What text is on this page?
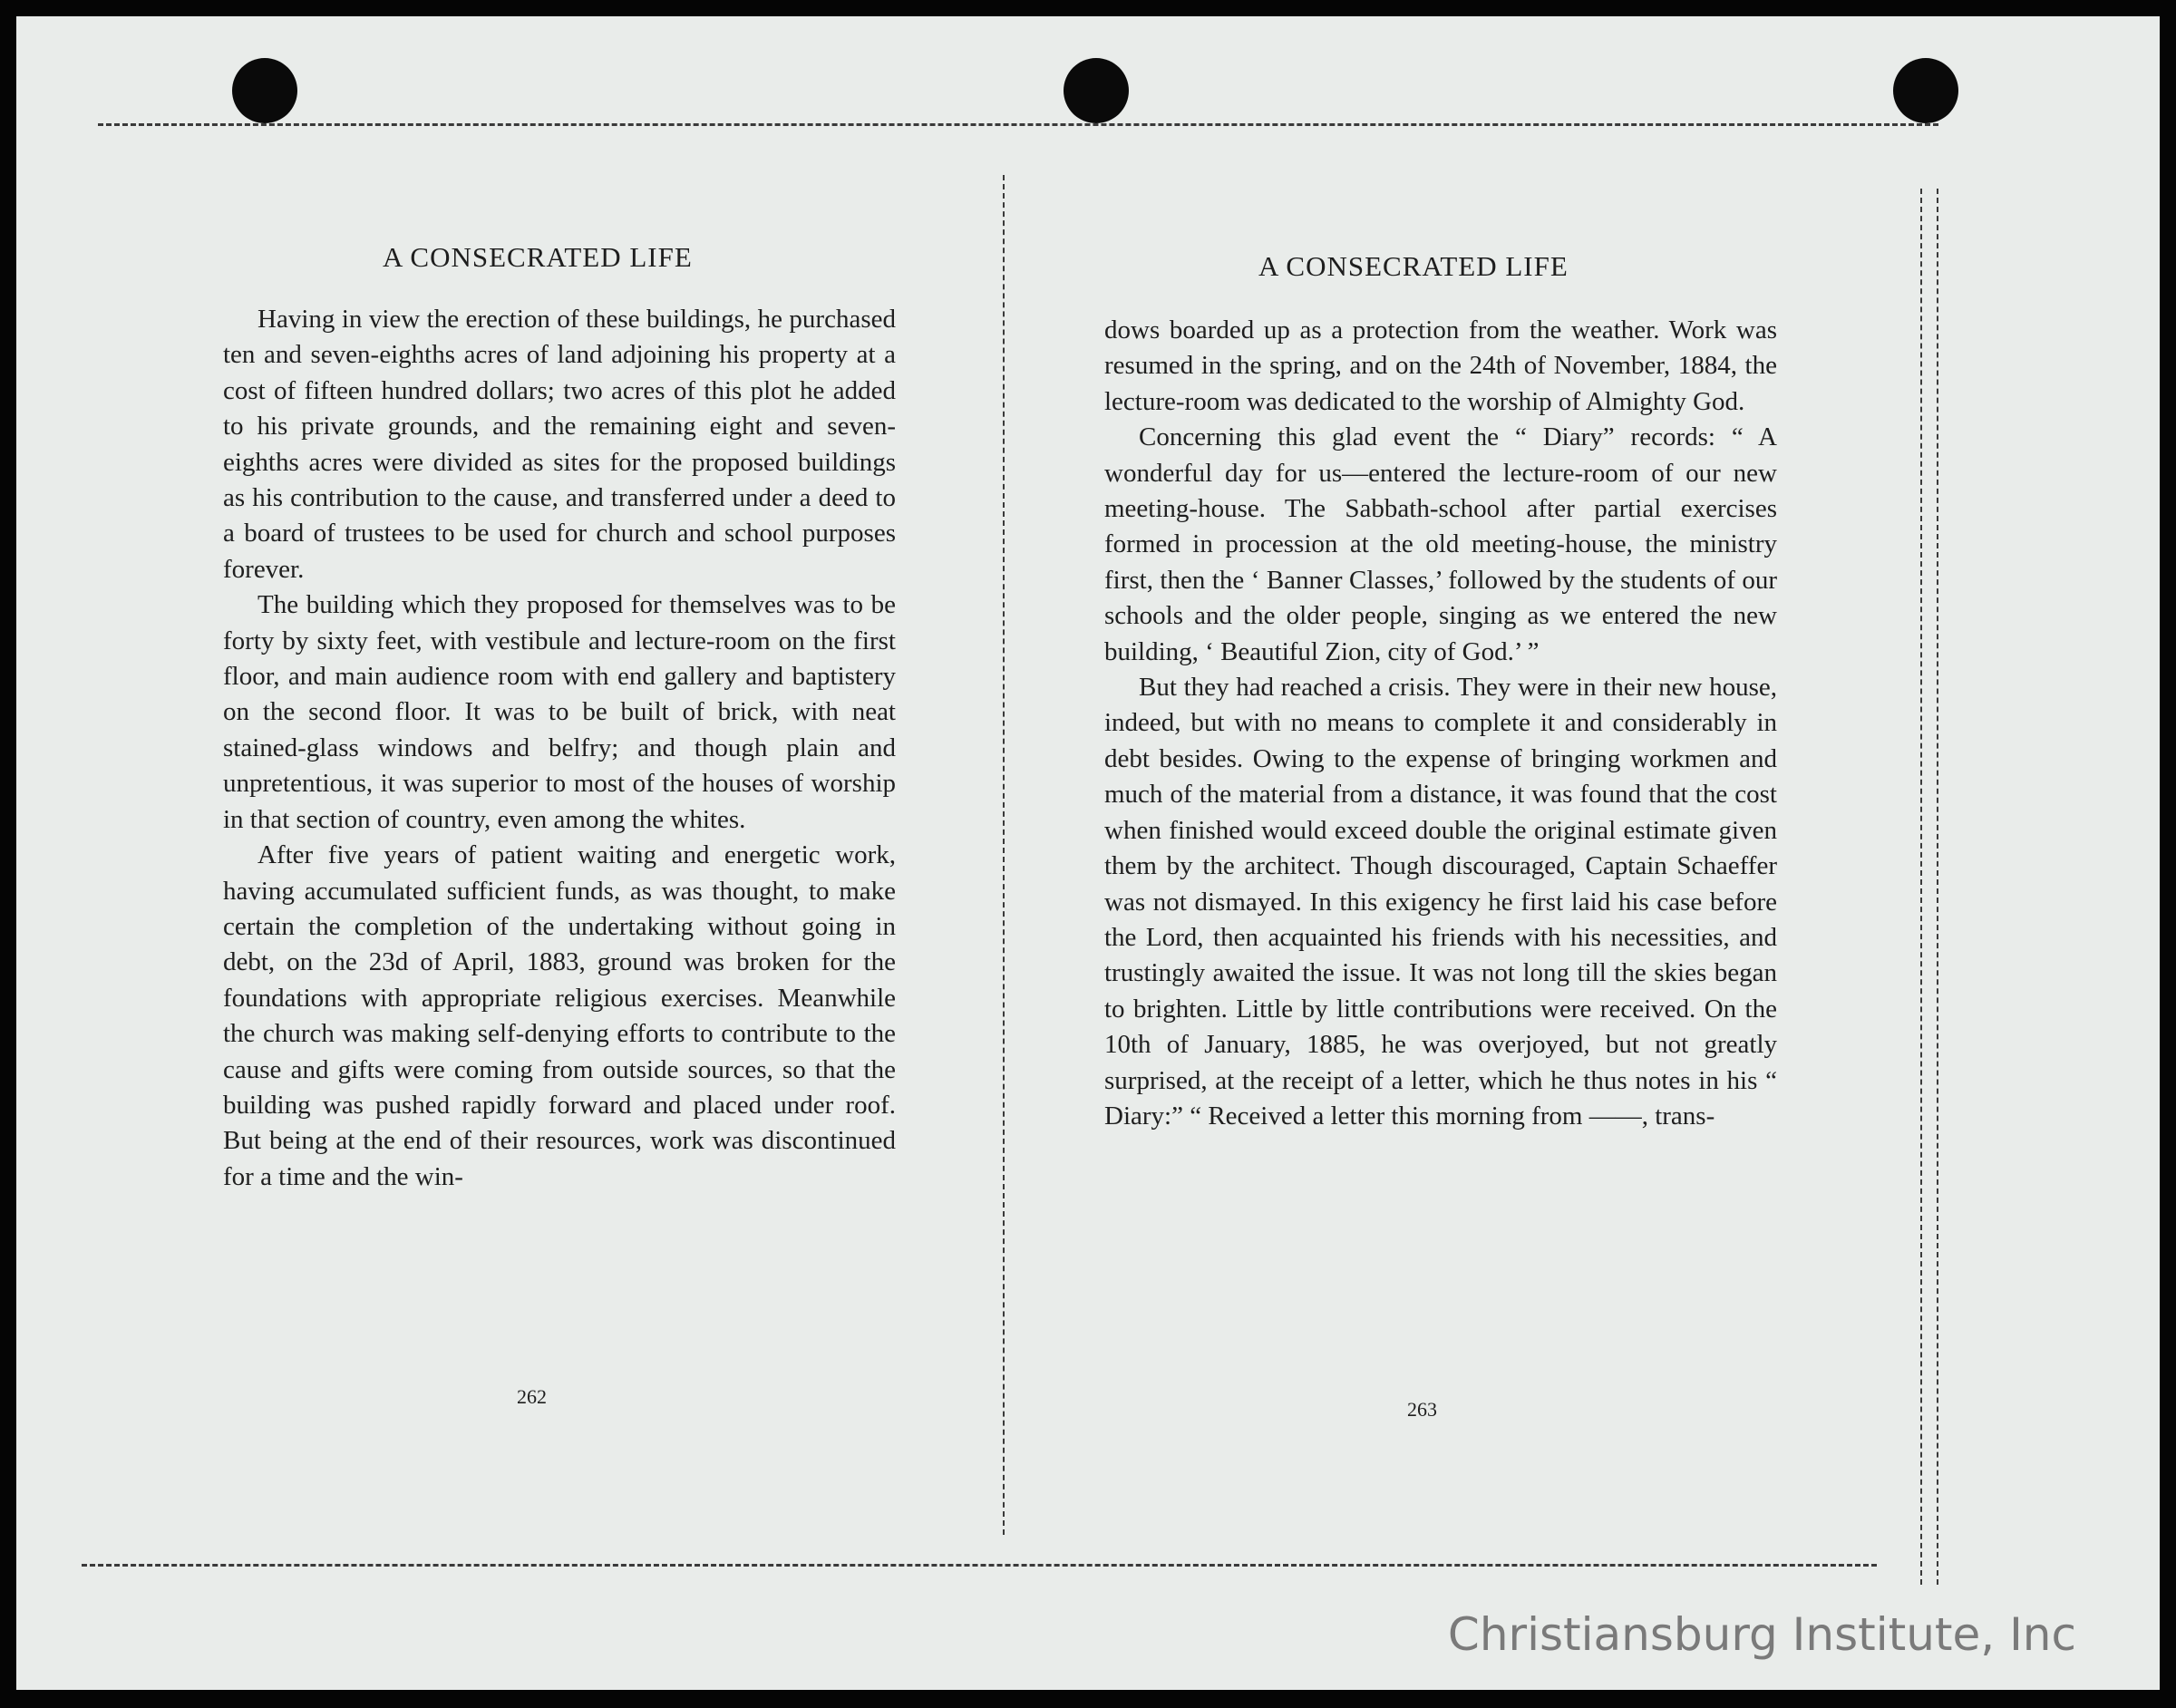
A CONSECRATED LIFE

Having in view the erection of these buildings, he purchased ten and seven-eighths acres of land adjoining his property at a cost of fifteen hundred dollars; two acres of this plot he added to his private grounds, and the remaining eight and seven-eighths acres were divided as sites for the proposed buildings as his contribution to the cause, and transferred under a deed to a board of trustees to be used for church and school purposes forever.

The building which they proposed for themselves was to be forty by sixty feet, with vestibule and lecture-room on the first floor, and main audience room with end gallery and baptistery on the second floor. It was to be built of brick, with neat stained-glass windows and belfry; and though plain and unpretentious, it was superior to most of the houses of worship in that section of country, even among the whites.

After five years of patient waiting and energetic work, having accumulated sufficient funds, as was thought, to make certain the completion of the undertaking without going in debt, on the 23d of April, 1883, ground was broken for the foundations with appropriate religious exercises. Meanwhile the church was making self-denying efforts to contribute to the cause and gifts were coming from outside sources, so that the building was pushed rapidly forward and placed under roof. But being at the end of their resources, work was discontinued for a time and the win-

262
A CONSECRATED LIFE

dows boarded up as a protection from the weather. Work was resumed in the spring, and on the 24th of November, 1884, the lecture-room was dedicated to the worship of Almighty God.

Concerning this glad event the “ Diary” records: “ A wonderful day for us—entered the lecture-room of our new meeting-house. The Sabbath-school after partial exercises formed in procession at the old meeting-house, the ministry first, then the ‘ Banner Classes,’ followed by the students of our schools and the older people, singing as we entered the new building, ‘ Beautiful Zion, city of God.’ ”

But they had reached a crisis. They were in their new house, indeed, but with no means to complete it and considerably in debt besides. Owing to the expense of bringing workmen and much of the material from a distance, it was found that the cost when finished would exceed double the original estimate given them by the architect. Though discouraged, Captain Schaeffer was not dismayed. In this exigency he first laid his case before the Lord, then acquainted his friends with his necessities, and trustingly awaited the issue. It was not long till the skies began to brighten. Little by little contributions were received. On the 10th of January, 1885, he was overjoyed, but not greatly surprised, at the receipt of a letter, which he thus notes in his “ Diary:” “ Received a letter this morning from ——, trans-

263
Christiansburg Institute, Inc
